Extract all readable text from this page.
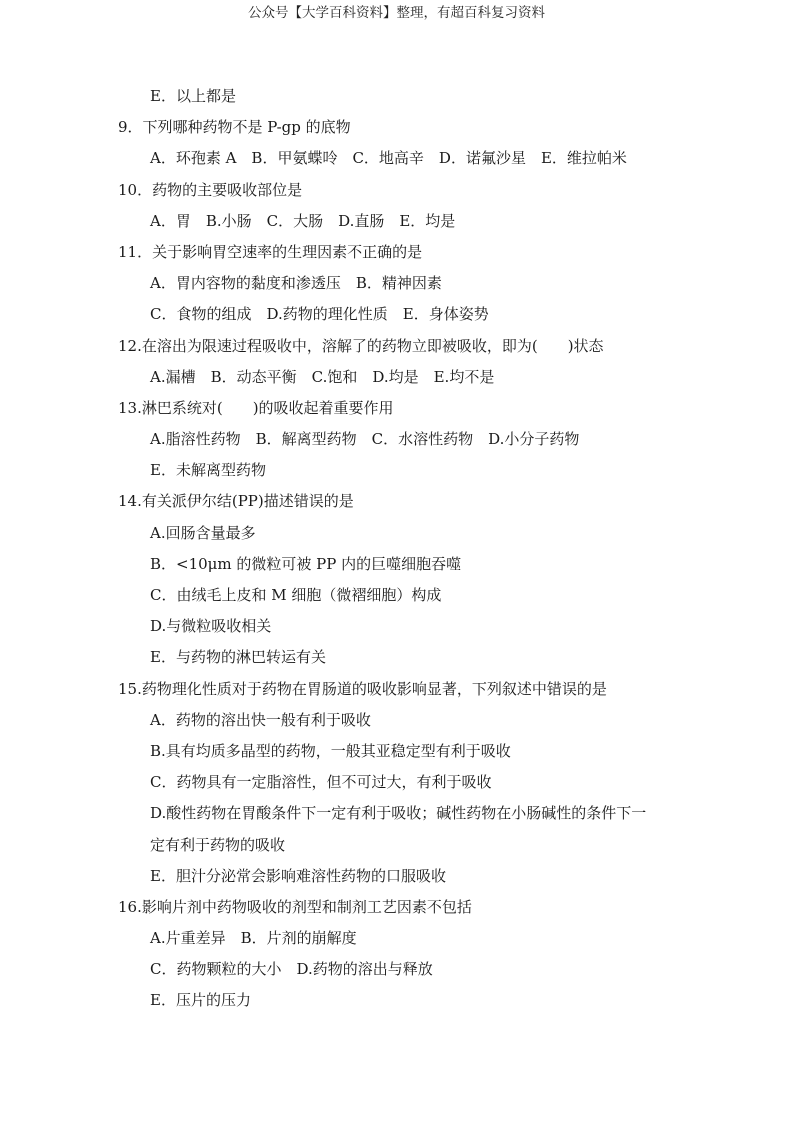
公众号【大学百科资料】整理，有超百科复习资料
E．以上都是
9．下列哪种药物不是 P-gp 的底物
A．环孢素 A　B．甲氨蝶呤　C．地高辛　D．诺氟沙星　E．维拉帕米
10．药物的主要吸收部位是
A．胃　B.小肠　C．大肠　D.直肠　E．均是
11．关于影响胃空速率的生理因素不正确的是
A．胃内容物的黏度和渗透压　B．精神因素
C．食物的组成　D.药物的理化性质　E．身体姿势
12.在溶出为限速过程吸收中，溶解了的药物立即被吸收，即为(　　)状态
A.漏槽　B．动态平衡　C.饱和　D.均是　E.均不是
13.淋巴系统对(　　)的吸收起着重要作用
A.脂溶性药物　B．解离型药物　C．水溶性药物　D.小分子药物
E．未解离型药物
14.有关派伊尔结(PP)描述错误的是
A.回肠含量最多
B．<10μm 的微粒可被 PP 内的巨噬细胞吞噬
C．由绒毛上皮和 M 细胞（微褶细胞）构成
D.与微粒吸收相关
E．与药物的淋巴转运有关
15.药物理化性质对于药物在胃肠道的吸收影响显著，下列叙述中错误的是
A．药物的溶出快一般有利于吸收
B.具有均质多晶型的药物，一般其亚稳定型有利于吸收
C．药物具有一定脂溶性，但不可过大，有利于吸收
D.酸性药物在胃酸条件下一定有利于吸收；碱性药物在小肠碱性的条件下一
定有利于药物的吸收
E．胆汁分泌常会影响难溶性药物的口服吸收
16.影响片剂中药物吸收的剂型和制剂工艺因素不包括
A.片重差异　B．片剂的崩解度
C．药物颗粒的大小　D.药物的溶出与释放
E．压片的压力
